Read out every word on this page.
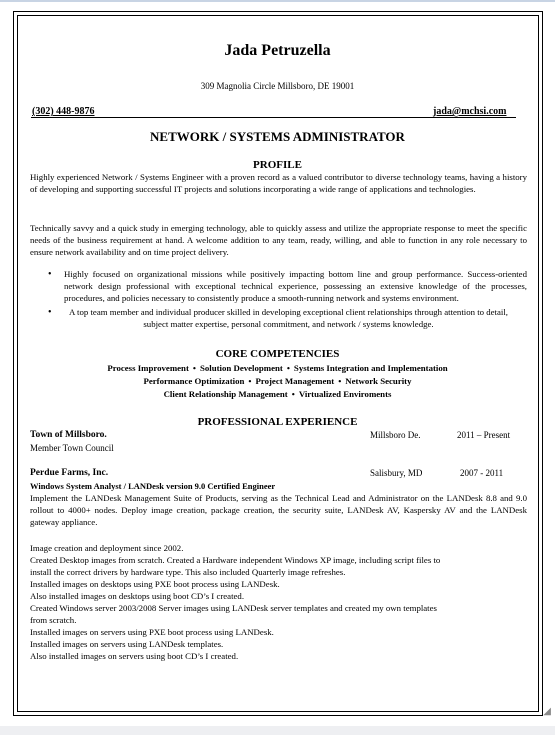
◢
Jada Petruzella
309 Magnolia Circle Millsboro, DE 19001
(302) 448-9876	jada@mchsi.com
NETWORK / SYSTEMS ADMINISTRATOR
PROFILE
Highly experienced Network / Systems Engineer with a proven record as a valued contributor to diverse technology teams, having a history of developing and supporting successful IT projects and solutions incorporating a wide range of applications and technologies.
Technically savvy and a quick study in emerging technology, able to quickly assess and utilize the appropriate response to meet the specific needs of the business requirement at hand. A welcome addition to any team, ready, willing, and able to function in any role necessary to ensure network availability and on time project delivery.
• Highly focused on organizational missions while positively impacting bottom line and group performance. Success-oriented network design professional with exceptional technical experience, possessing an extensive knowledge of the processes, procedures, and policies necessary to consistently produce a smooth-running network and systems environment.
• A top team member and individual producer skilled in developing exceptional client relationships through attention to detail, subject matter expertise, personal commitment, and network / systems knowledge.
CORE COMPETENCIES
Process Improvement • Solution Development • Systems Integration and Implementation
Performance Optimization • Project Management • Network Security
Client Relationship Management • Virtualized Enviroments
PROFESSIONAL EXPERIENCE
Town of Millsboro.	Millsboro De.	2011 – Present
Member Town Council
Perdue Farms, Inc.	Salisbury, MD	2007 - 2011
Windows System Analyst / LANDesk version 9.0 Certified Engineer
Implement the LANDesk Management Suite of Products, serving as the Technical Lead and Administrator on the LANDesk 8.8 and 9.0 rollout to 4000+ nodes. Deploy image creation, package creation, the security suite, LANDesk AV, Kaspersky AV and the LANDesk gateway appliance.
Image creation and deployment since 2002.
Created Desktop images from scratch. Created a Hardware independent Windows XP image, including script files to
install the correct drivers by hardware type. This also included Quarterly image refreshes.
Installed images on desktops using PXE boot process using LANDesk.
Also installed images on desktops using boot CD’s I created.
Created Windows server 2003/2008 Server images using LANDesk server templates and created my own templates
from scratch.
Installed images on servers using PXE boot process using LANDesk.
Installed images on servers using LANDesk templates.
Also installed images on servers using boot CD’s I created.
